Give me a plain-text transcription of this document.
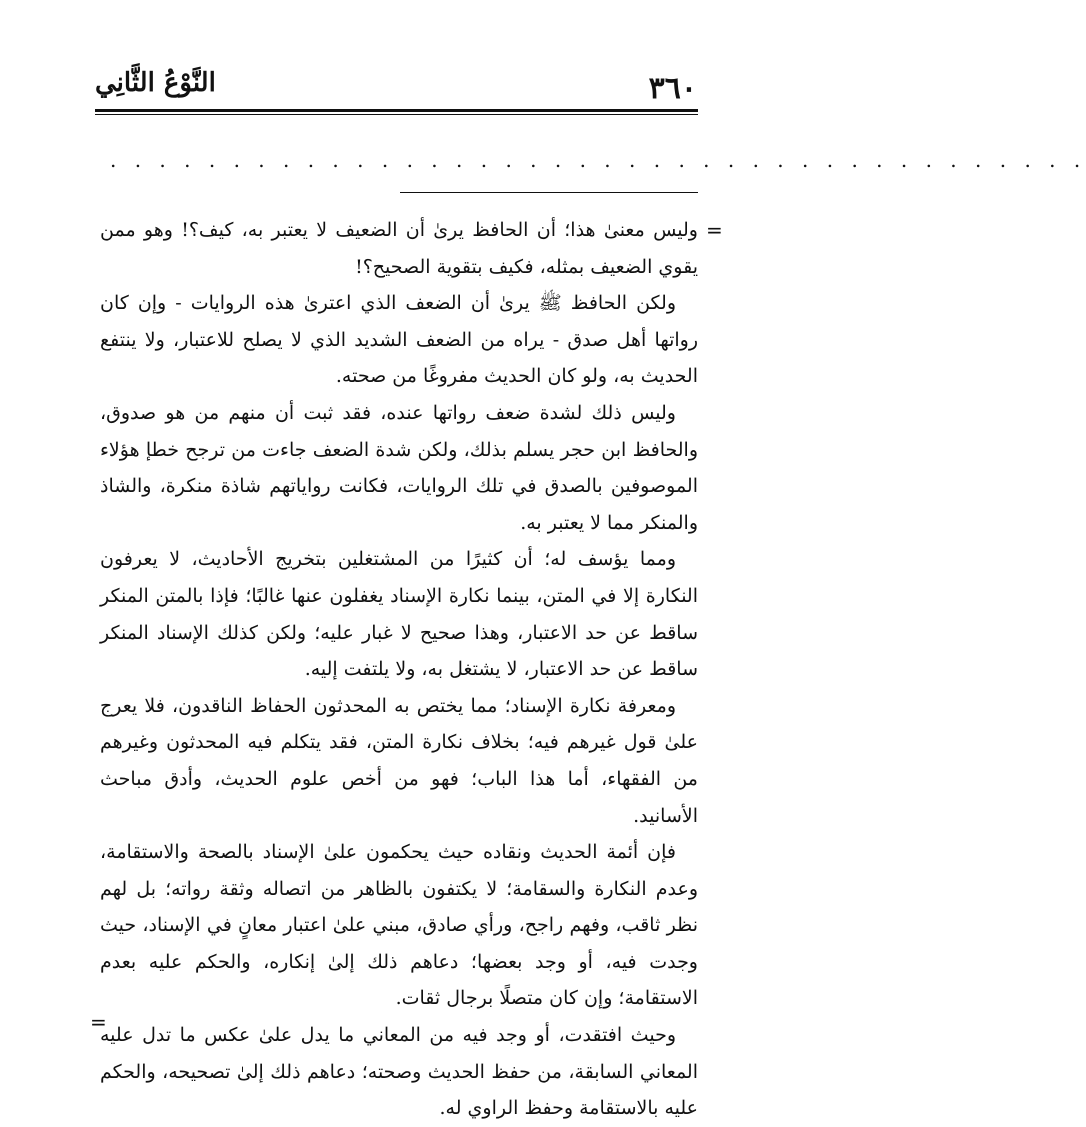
٣٦٠
النَّوْعُ الثَّانِي
. . . . . . . . . . . . . . . . . . . . . . . . . . . . . . . . . . . . . . . .
=
=

وليس معنىٰ هذا؛ أن الحافظ يرىٰ أن الضعيف لا يعتبر به، كيف؟! وهو ممن يقوي الضعيف بمثله، فكيف بتقوية الصحيح؟!

ولكن الحافظ ﷺ يرىٰ أن الضعف الذي اعترىٰ هذه الروايات - وإن كان رواتها أهل صدق - يراه من الضعف الشديد الذي لا يصلح للاعتبار، ولا ينتفع الحديث به، ولو كان الحديث مفروغًا من صحته.

وليس ذلك لشدة ضعف رواتها عنده، فقد ثبت أن منهم من هو صدوق، والحافظ ابن حجر يسلم بذلك، ولكن شدة الضعف جاءت من ترجح خطإ هؤلاء الموصوفين بالصدق في تلك الروايات، فكانت رواياتهم شاذة منكرة، والشاذ والمنكر مما لا يعتبر به.

ومما يؤسف له؛ أن كثيرًا من المشتغلين بتخريج الأحاديث، لا يعرفون النكارة إلا في المتن، بينما نكارة الإسناد يغفلون عنها غالبًا؛ فإذا بالمتن المنكر ساقط عن حد الاعتبار، وهذا صحيح لا غبار عليه؛ ولكن كذلك الإسناد المنكر ساقط عن حد الاعتبار، لا يشتغل به، ولا يلتفت إليه.

ومعرفة نكارة الإسناد؛ مما يختص به المحدثون الحفاظ الناقدون، فلا يعرج علىٰ قول غيرهم فيه؛ بخلاف نكارة المتن، فقد يتكلم فيه المحدثون وغيرهم من الفقهاء، أما هذا الباب؛ فهو من أخص علوم الحديث، وأدق مباحث الأسانيد.

فإن أئمة الحديث ونقاده حيث يحكمون علىٰ الإسناد بالصحة والاستقامة، وعدم النكارة والسقامة؛ لا يكتفون بالظاهر من اتصاله وثقة رواته؛ بل لهم نظر ثاقب، وفهم راجح، ورأي صادق، مبني علىٰ اعتبار معانٍ في الإسناد، حيث وجدت فيه، أو وجد بعضها؛ دعاهم ذلك إلىٰ إنكاره، والحكم عليه بعدم الاستقامة؛ وإن كان متصلًا برجال ثقات.

وحيث افتقدت، أو وجد فيه من المعاني ما يدل علىٰ عكس ما تدل عليه المعاني السابقة، من حفظ الحديث وصحته؛ دعاهم ذلك إلىٰ تصحيحه، والحكم عليه بالاستقامة وحفظ الراوي له.
